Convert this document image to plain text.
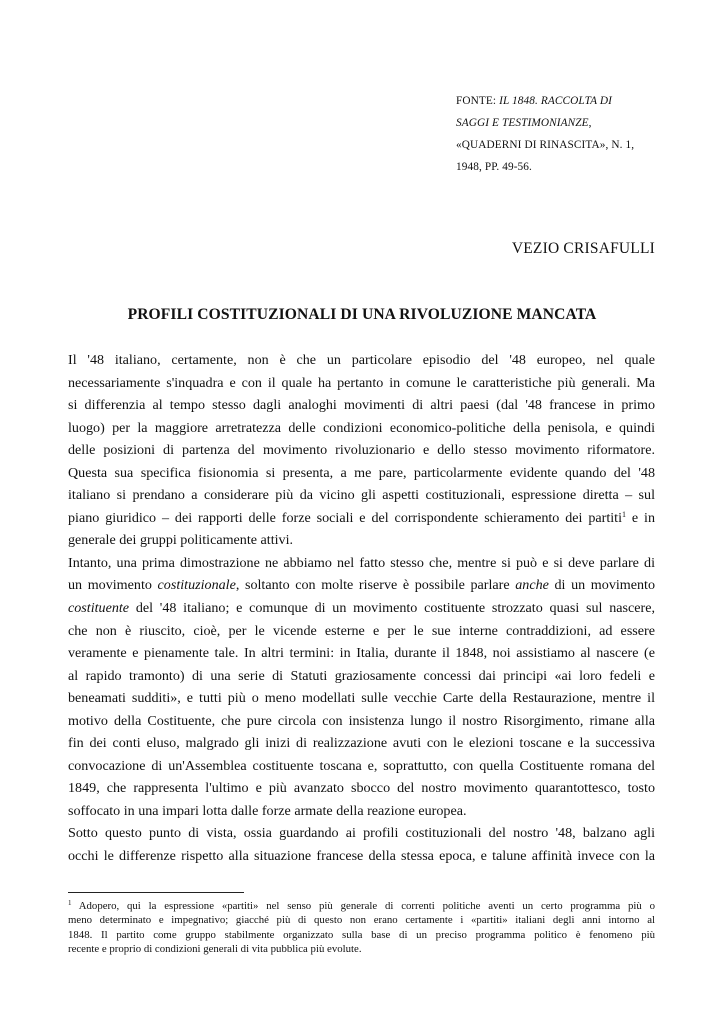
FONTE: IL 1848. RACCOLTA DI
SAGGI E TESTIMONIANZE,
«QUADERNI DI RINASCITA», N. 1,
1948, PP. 49-56.
VEZIO CRISAFULLI
PROFILI COSTITUZIONALI DI UNA RIVOLUZIONE MANCATA
Il '48 italiano, certamente, non è che un particolare episodio del '48 europeo, nel quale
necessariamente s'inquadra e con il quale ha pertanto in comune le caratteristiche più generali. Ma
si differenzia al tempo stesso dagli analoghi movimenti di altri paesi (dal '48 francese in primo
luogo) per la maggiore arretratezza delle condizioni economico-politiche della penisola, e quindi
delle posizioni di partenza del movimento rivoluzionario e dello stesso movimento riformatore.
Questa sua specifica fisionomia si presenta, a me pare, particolarmente evidente quando del '48
italiano si prendano a considerare più da vicino gli aspetti costituzionali, espressione diretta – sul
piano giuridico – dei rapporti delle forze sociali e del corrispondente schieramento dei partiti$^1$ e in
generale dei gruppi politicamente attivi.
Intanto, una prima dimostrazione ne abbiamo nel fatto stesso che, mentre si può e si deve parlare di
un movimento costituzionale, soltanto con molte riserve è possibile parlare anche di un movimento
costituente del '48 italiano; e comunque di un movimento costituente strozzato quasi sul nascere,
che non è riuscito, cioè, per le vicende esterne e per le sue interne contraddizioni, ad essere
veramente e pienamente tale. In altri termini: in Italia, durante il 1848, noi assistiamo al nascere (e
al rapido tramonto) di una serie di Statuti graziosamente concessi dai principi «ai loro fedeli e
beneamati sudditi», e tutti più o meno modellati sulle vecchie Carte della Restaurazione, mentre il
motivo della Costituente, che pure circola con insistenza lungo il nostro Risorgimento, rimane alla
fin dei conti eluso, malgrado gli inizi di realizzazione avuti con le elezioni toscane e la successiva
convocazione di un'Assemblea costituente toscana e, soprattutto, con quella Costituente romana del
1849, che rappresenta l'ultimo e più avanzato sbocco del nostro movimento quarantottesco, tosto
soffocato in una impari lotta dalle forze armate della reazione europea.
Sotto questo punto di vista, ossia guardando ai profili costituzionali del nostro '48, balzano agli
occhi le differenze rispetto alla situazione francese della stessa epoca, e talune affinità invece con la
$^1$ Adopero, qui la espressione «partiti» nel senso più generale di correnti politiche aventi un certo programma più o
meno determinato e impegnativo; giacché più di questo non erano certamente i «partiti» italiani degli anni intorno al
1848. Il partito come gruppo stabilmente organizzato sulla base di un preciso programma politico è fenomeno più
recente e proprio di condizioni generali di vita pubblica più evolute.
